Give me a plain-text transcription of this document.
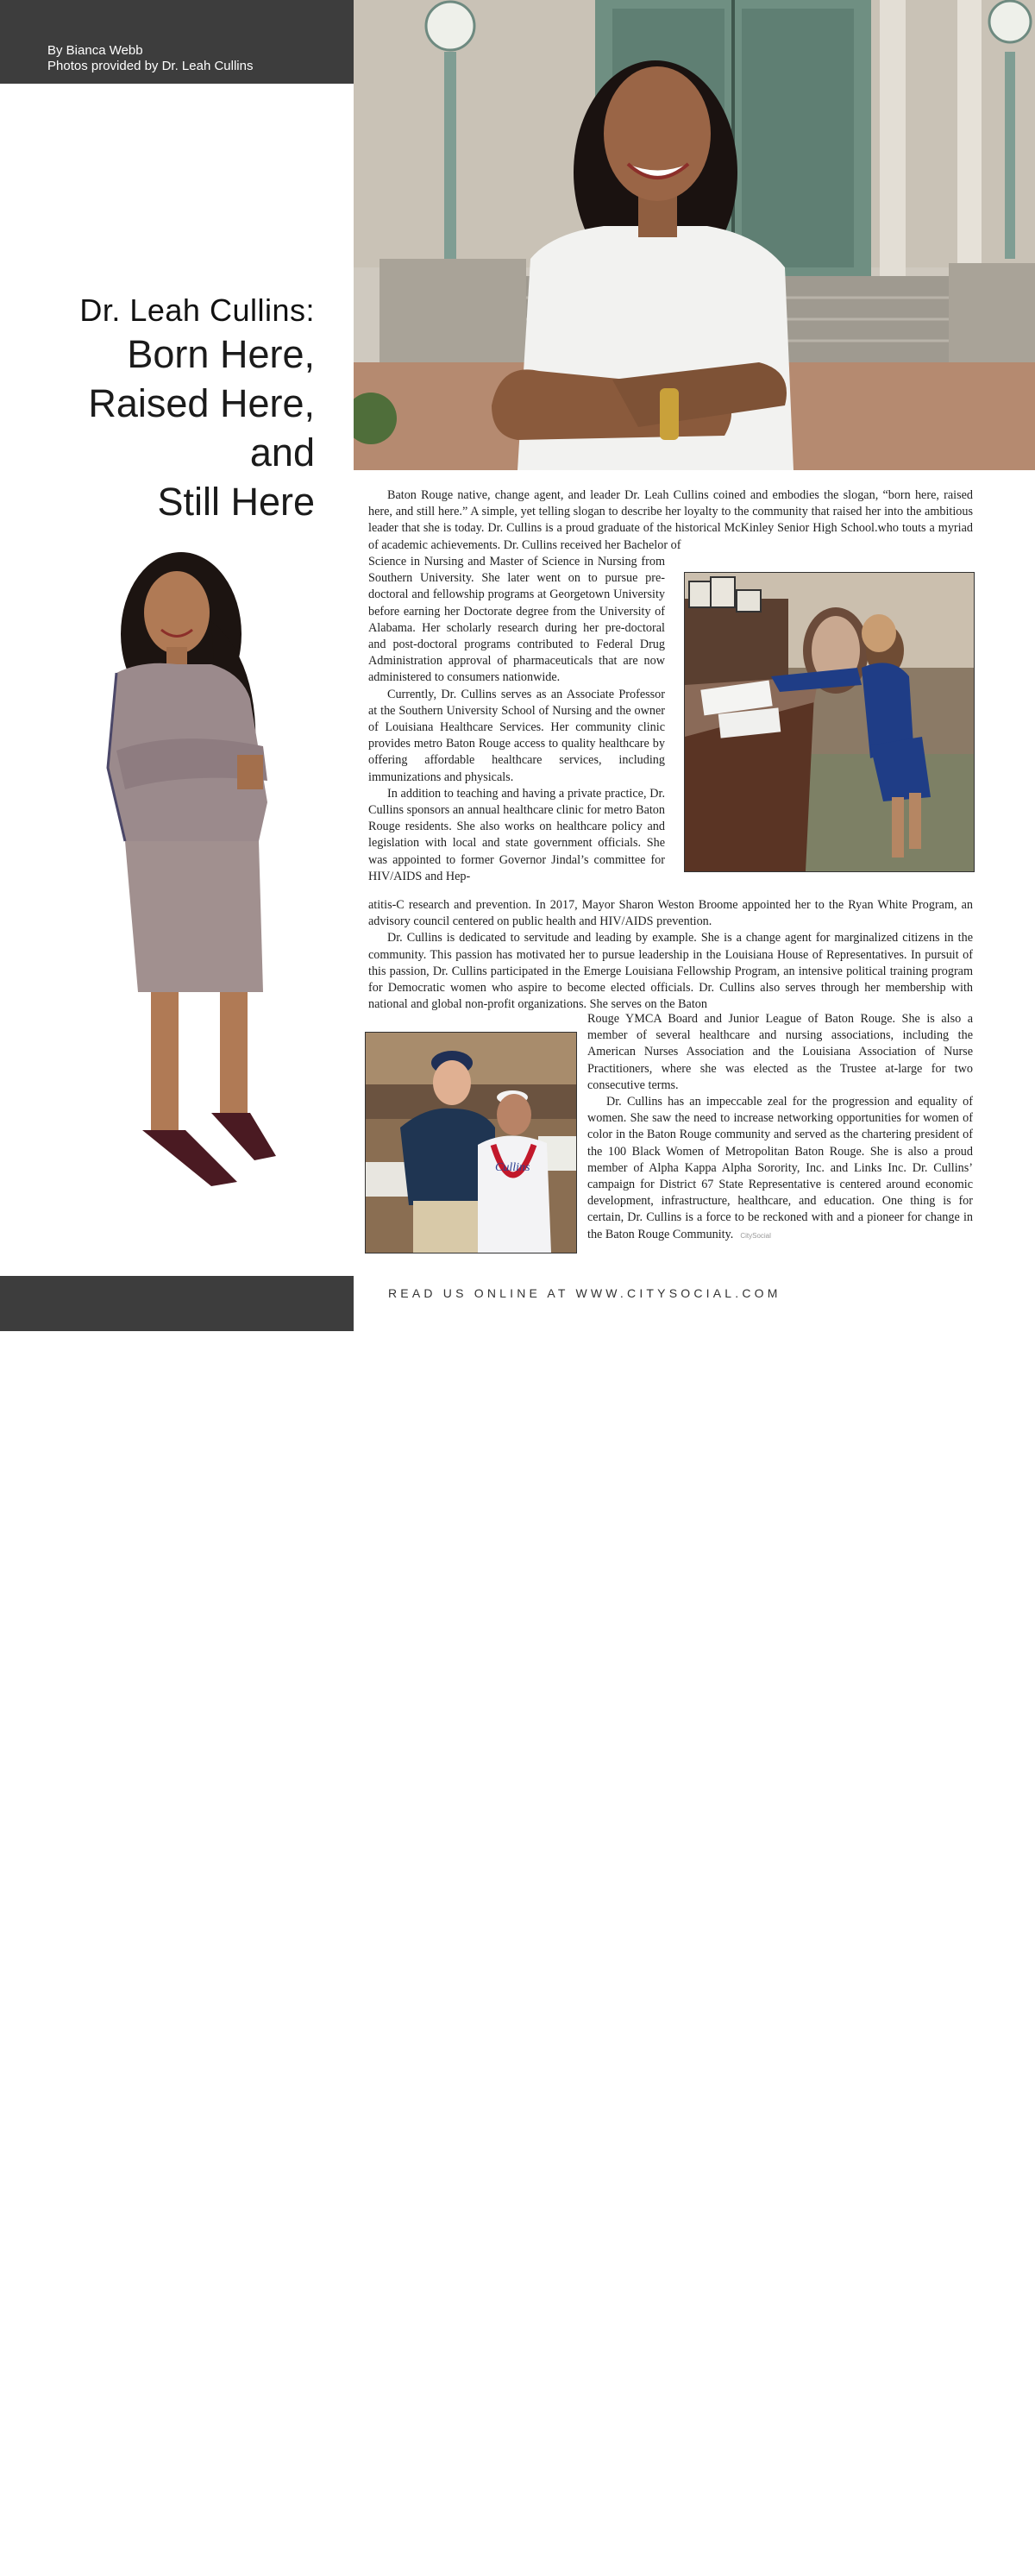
By Bianca Webb
Photos provided by Dr. Leah Cullins
Dr. Leah Cullins:
Born Here,
Raised Here,
and
Still Here	Baton Rouge native, change agent, and leader Dr. Leah Cullins coined and embodies the slogan, “born here, raised here, and still here.” A simple, yet telling slogan to describe her loyalty to the community that raised her into the ambitious leader that she is today. Dr. Cullins is a proud graduate of the historical McKinley Senior High School.who touts a myriad of academic achievements. Dr. Cullins received her Bachelor of

Science in Nursing and Master of Science in Nursing from Southern University. She later went on to pursue pre-doctoral and fellowship programs at Georgetown University before earning her Doctorate degree from the University of Alabama. Her scholarly research during her pre-doctoral and post-doctoral programs contributed to Federal Drug Administration approval of pharmaceuticals that are now administered to consumers nationwide.

Currently, Dr. Cullins serves as an Associate Professor at the Southern University School of Nursing and the owner of Louisiana Healthcare Services. Her community clinic provides metro Baton Rouge access to quality healthcare by offering affordable healthcare services, including immunizations and physicals.

In addition to teaching and having a private practice, Dr. Cullins sponsors an annual healthcare clinic for metro Baton Rouge residents. She also works on healthcare policy and legislation with local and state government officials. She was appointed to former Governor Jindal’s committee for HIV/AIDS and Hep-

atitis-C research and prevention. In 2017, Mayor Sharon Weston Broome appointed her to the Ryan White Program, an advisory council centered on public health and HIV/AIDS prevention.

Dr. Cullins is dedicated to servitude and leading by example. She is a change agent for marginalized citizens in the community. This passion has motivated her to pursue leadership in the Louisiana House of Representatives. In pursuit of this passion, Dr. Cullins participated in the Emerge Louisiana Fellowship Program, an intensive political training program for Democratic women who aspire to become elected officials. Dr. Cullins also serves through her membership with national and global non-profit organizations. She serves on the Baton

Cullins

Rouge YMCA Board and Junior League of Baton Rouge. She is also a member of several healthcare and nursing associations, including the American Nurses Association and the Louisiana Association of Nurse Practitioners, where she was elected as the Trustee at-large for two consecutive terms.

Dr. Cullins has an impeccable zeal for the progression and equality of women. She saw the need to increase networking opportunities for women of color in the Baton Rouge community and served as the chartering president of the 100 Black Women of Metropolitan Baton Rouge. She is also a proud member of Alpha Kappa Alpha Sorority, Inc. and Links Inc. Dr. Cullins’ campaign for District 67 State Representative is centered around economic development, infrastructure, healthcare, and education. One thing is for certain, Dr. Cullins is a force to be reckoned with and a pioneer for change in the Baton Rouge Community. CitySocial

28
READ US ONLINE AT WWW.CITYSOCIAL.COM
